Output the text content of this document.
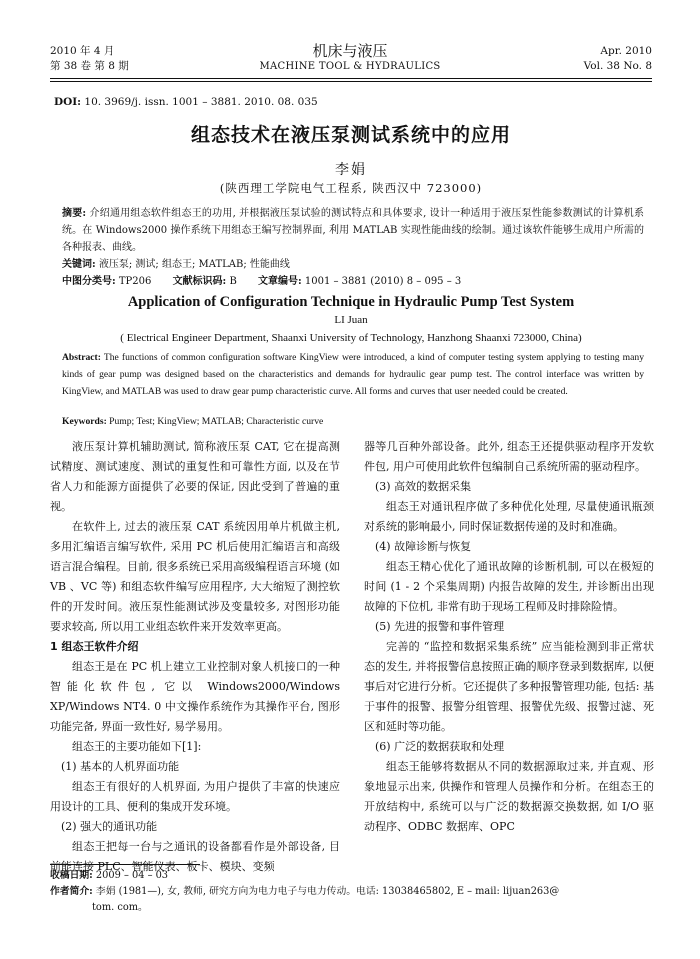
2010 年 4 月
第 38 卷 第 8 期
机床与液压
MACHINE TOOL & HYDRAULICS
Apr. 2010
Vol. 38 No. 8
DOI: 10. 3969/j. issn. 1001 – 3881. 2010. 08. 035
组态技术在液压泵测试系统中的应用
李娟
(陕西理工学院电气工程系, 陕西汉中 723000)
摘要: 介绍通用组态软件组态王的功用, 并根据液压泵试验的测试特点和具体要求, 设计一种适用于液压泵性能参数测试的计算机系统。在 Windows2000 操作系统下用组态王编写控制界面, 利用 MATLAB 实现性能曲线的绘制。通过该软件能够生成用户所需的各种报表、曲线。
关键词: 液压泵; 测试; 组态王; MATLAB; 性能曲线
中图分类号: TP206 文献标识码: B 文章编号: 1001 – 3881 (2010) 8 – 095 – 3
Application of Configuration Technique in Hydraulic Pump Test System
LI Juan
( Electrical Engineer Department, Shaanxi University of Technology, Hanzhong Shaanxi 723000, China)
Abstract: The functions of common configuration software KingView were introduced, a kind of computer testing system applying to testing many kinds of gear pump was designed based on the characteristics and demands for hydraulic gear pump test. The control interface was written by KingView, and MATLAB was used to draw gear pump characteristic curve. All forms and curves that user needed could be created.
Keywords: Pump; Test; KingView; MATLAB; Characteristic curve

液压泵计算机辅助测试, 简称液压泵 CAT, 它在提高测试精度、测试速度、测试的重复性和可靠性方面, 以及在节省人力和能源方面提供了必要的保证, 因此受到了普遍的重视。

在软件上, 过去的液压泵 CAT 系统因用单片机做主机, 多用汇编语言编写软件, 采用 PC 机后使用汇编语言和高级语言混合编程。目前, 很多系统已采用高级编程语言环境 (如 VB 、VC 等) 和组态软件编写应用程序, 大大缩短了测控软件的开发时间。液压泵性能测试涉及变量较多, 对图形功能要求较高, 所以用工业组态软件来开发效率更高。

1 组态王软件介绍

组态王是在 PC 机上建立工业控制对象人机接口的一种智能化软件包, 它以 Windows2000/Windows XP/Windows NT4. 0 中文操作系统作为其操作平台, 图形功能完备, 界面一致性好, 易学易用。

组态王的主要功能如下[1]:

(1) 基本的人机界面功能

组态王有很好的人机界面, 为用户提供了丰富的快速应用设计的工具、便利的集成开发环境。

(2) 强大的通讯功能

组态王把每一台与之通讯的设备都看作是外部设备, 目前能连接 PLC、智能仪表、板卡、模块、变频

器等几百种外部设备。此外, 组态王还提供驱动程序开发软件包, 用户可使用此软件包编制自己系统所需的驱动程序。

(3) 高效的数据采集

组态王对通讯程序做了多种优化处理, 尽量使通讯瓶颈对系统的影响最小, 同时保证数据传递的及时和准确。

(4) 故障诊断与恢复

组态王精心优化了通讯故障的诊断机制, 可以在极短的时间 (1 - 2 个采集周期) 内报告故障的发生, 并诊断出出现故障的下位机, 非常有助于现场工程师及时排除险情。

(5) 先进的报警和事件管理

完善的 “监控和数据采集系统” 应当能检测到非正常状态的发生, 并将报警信息按照正确的顺序登录到数据库, 以便事后对它进行分析。它还提供了多种报警管理功能, 包括: 基于事件的报警、报警分组管理、报警优先级、报警过滤、死区和延时等功能。

(6) 广泛的数据获取和处理

组态王能够将数据从不同的数据源取过来, 并直观、形象地显示出来, 供操作和管理人员操作和分析。在组态王的开放结构中, 系统可以与广泛的数据源交换数据, 如 I/O 驱动程序、ODBC 数据库、OPC

收稿日期: 2009 – 04 – 03
作者简介: 李娟 (1981—), 女, 教师, 研究方向为电力电子与电力传动。电话: 13038465802, E – mail: lijuan263@
tom. com。
